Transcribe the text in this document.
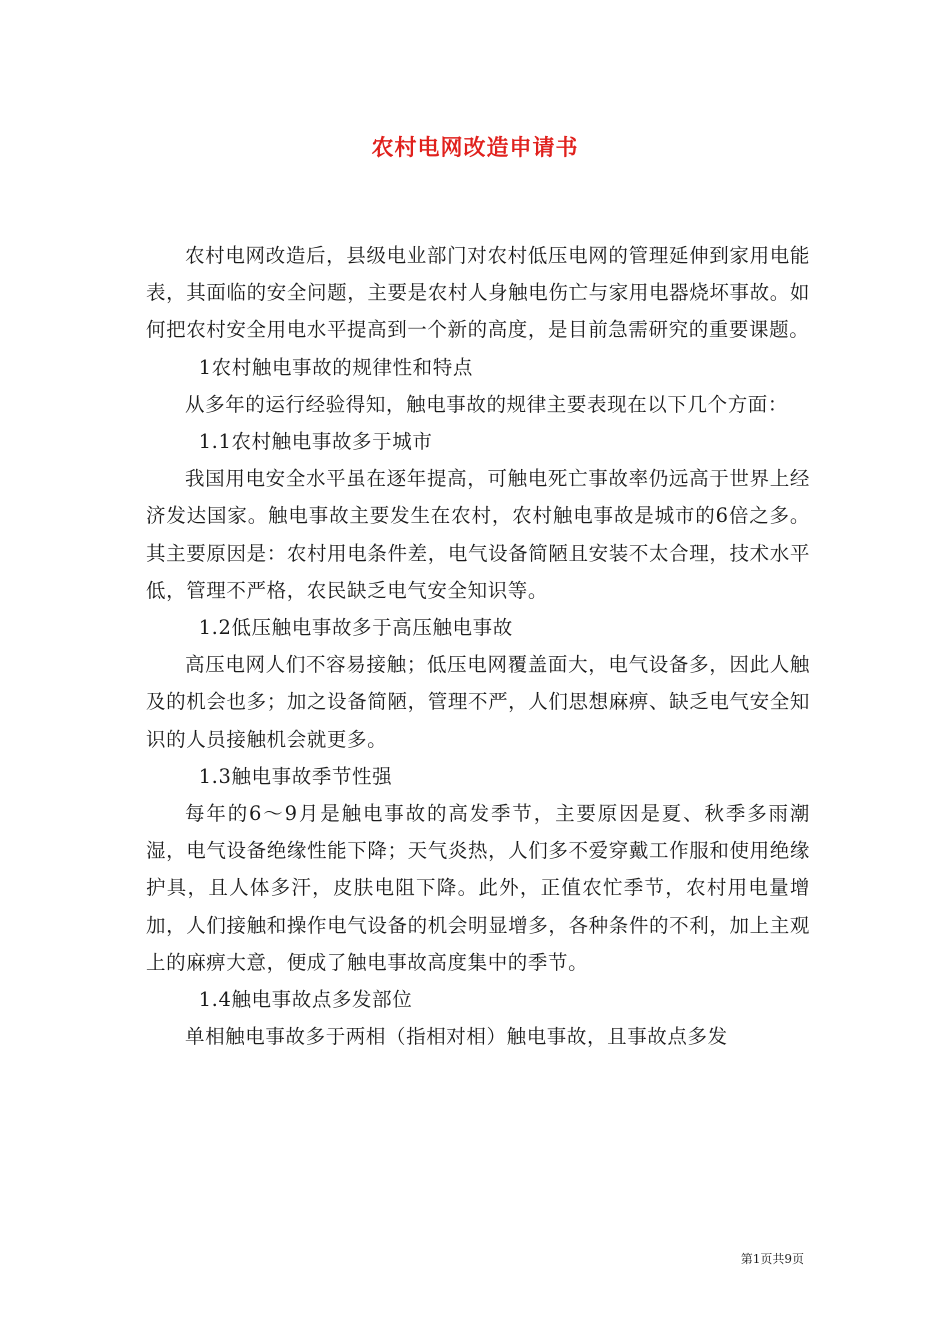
农村电网改造申请书

农村电网改造后，县级电业部门对农村低压电网的管理延伸到家用电能表，其面临的安全问题，主要是农村人身触电伤亡与家用电器烧坏事故。如何把农村安全用电水平提高到一个新的高度，是目前急需研究的重要课题。

1农村触电事故的规律性和特点

从多年的运行经验得知，触电事故的规律主要表现在以下几个方面：

1.1农村触电事故多于城市

我国用电安全水平虽在逐年提高，可触电死亡事故率仍远高于世界上经济发达国家。触电事故主要发生在农村，农村触电事故是城市的6倍之多。其主要原因是：农村用电条件差，电气设备简陋且安装不太合理，技术水平低，管理不严格，农民缺乏电气安全知识等。

1.2低压触电事故多于高压触电事故

高压电网人们不容易接触；低压电网覆盖面大，电气设备多，因此人触及的机会也多；加之设备简陋，管理不严，人们思想麻痹、缺乏电气安全知识的人员接触机会就更多。

1.3触电事故季节性强

每年的6～9月是触电事故的高发季节，主要原因是夏、秋季多雨潮湿，电气设备绝缘性能下降；天气炎热，人们多不爱穿戴工作服和使用绝缘护具，且人体多汗，皮肤电阻下降。此外，正值农忙季节，农村用电量增加，人们接触和操作电气设备的机会明显增多，各种条件的不利，加上主观上的麻痹大意，便成了触电事故高度集中的季节。

1.4触电事故点多发部位

单相触电事故多于两相（指相对相）触电事故，且事故点多发

第1页共9页
